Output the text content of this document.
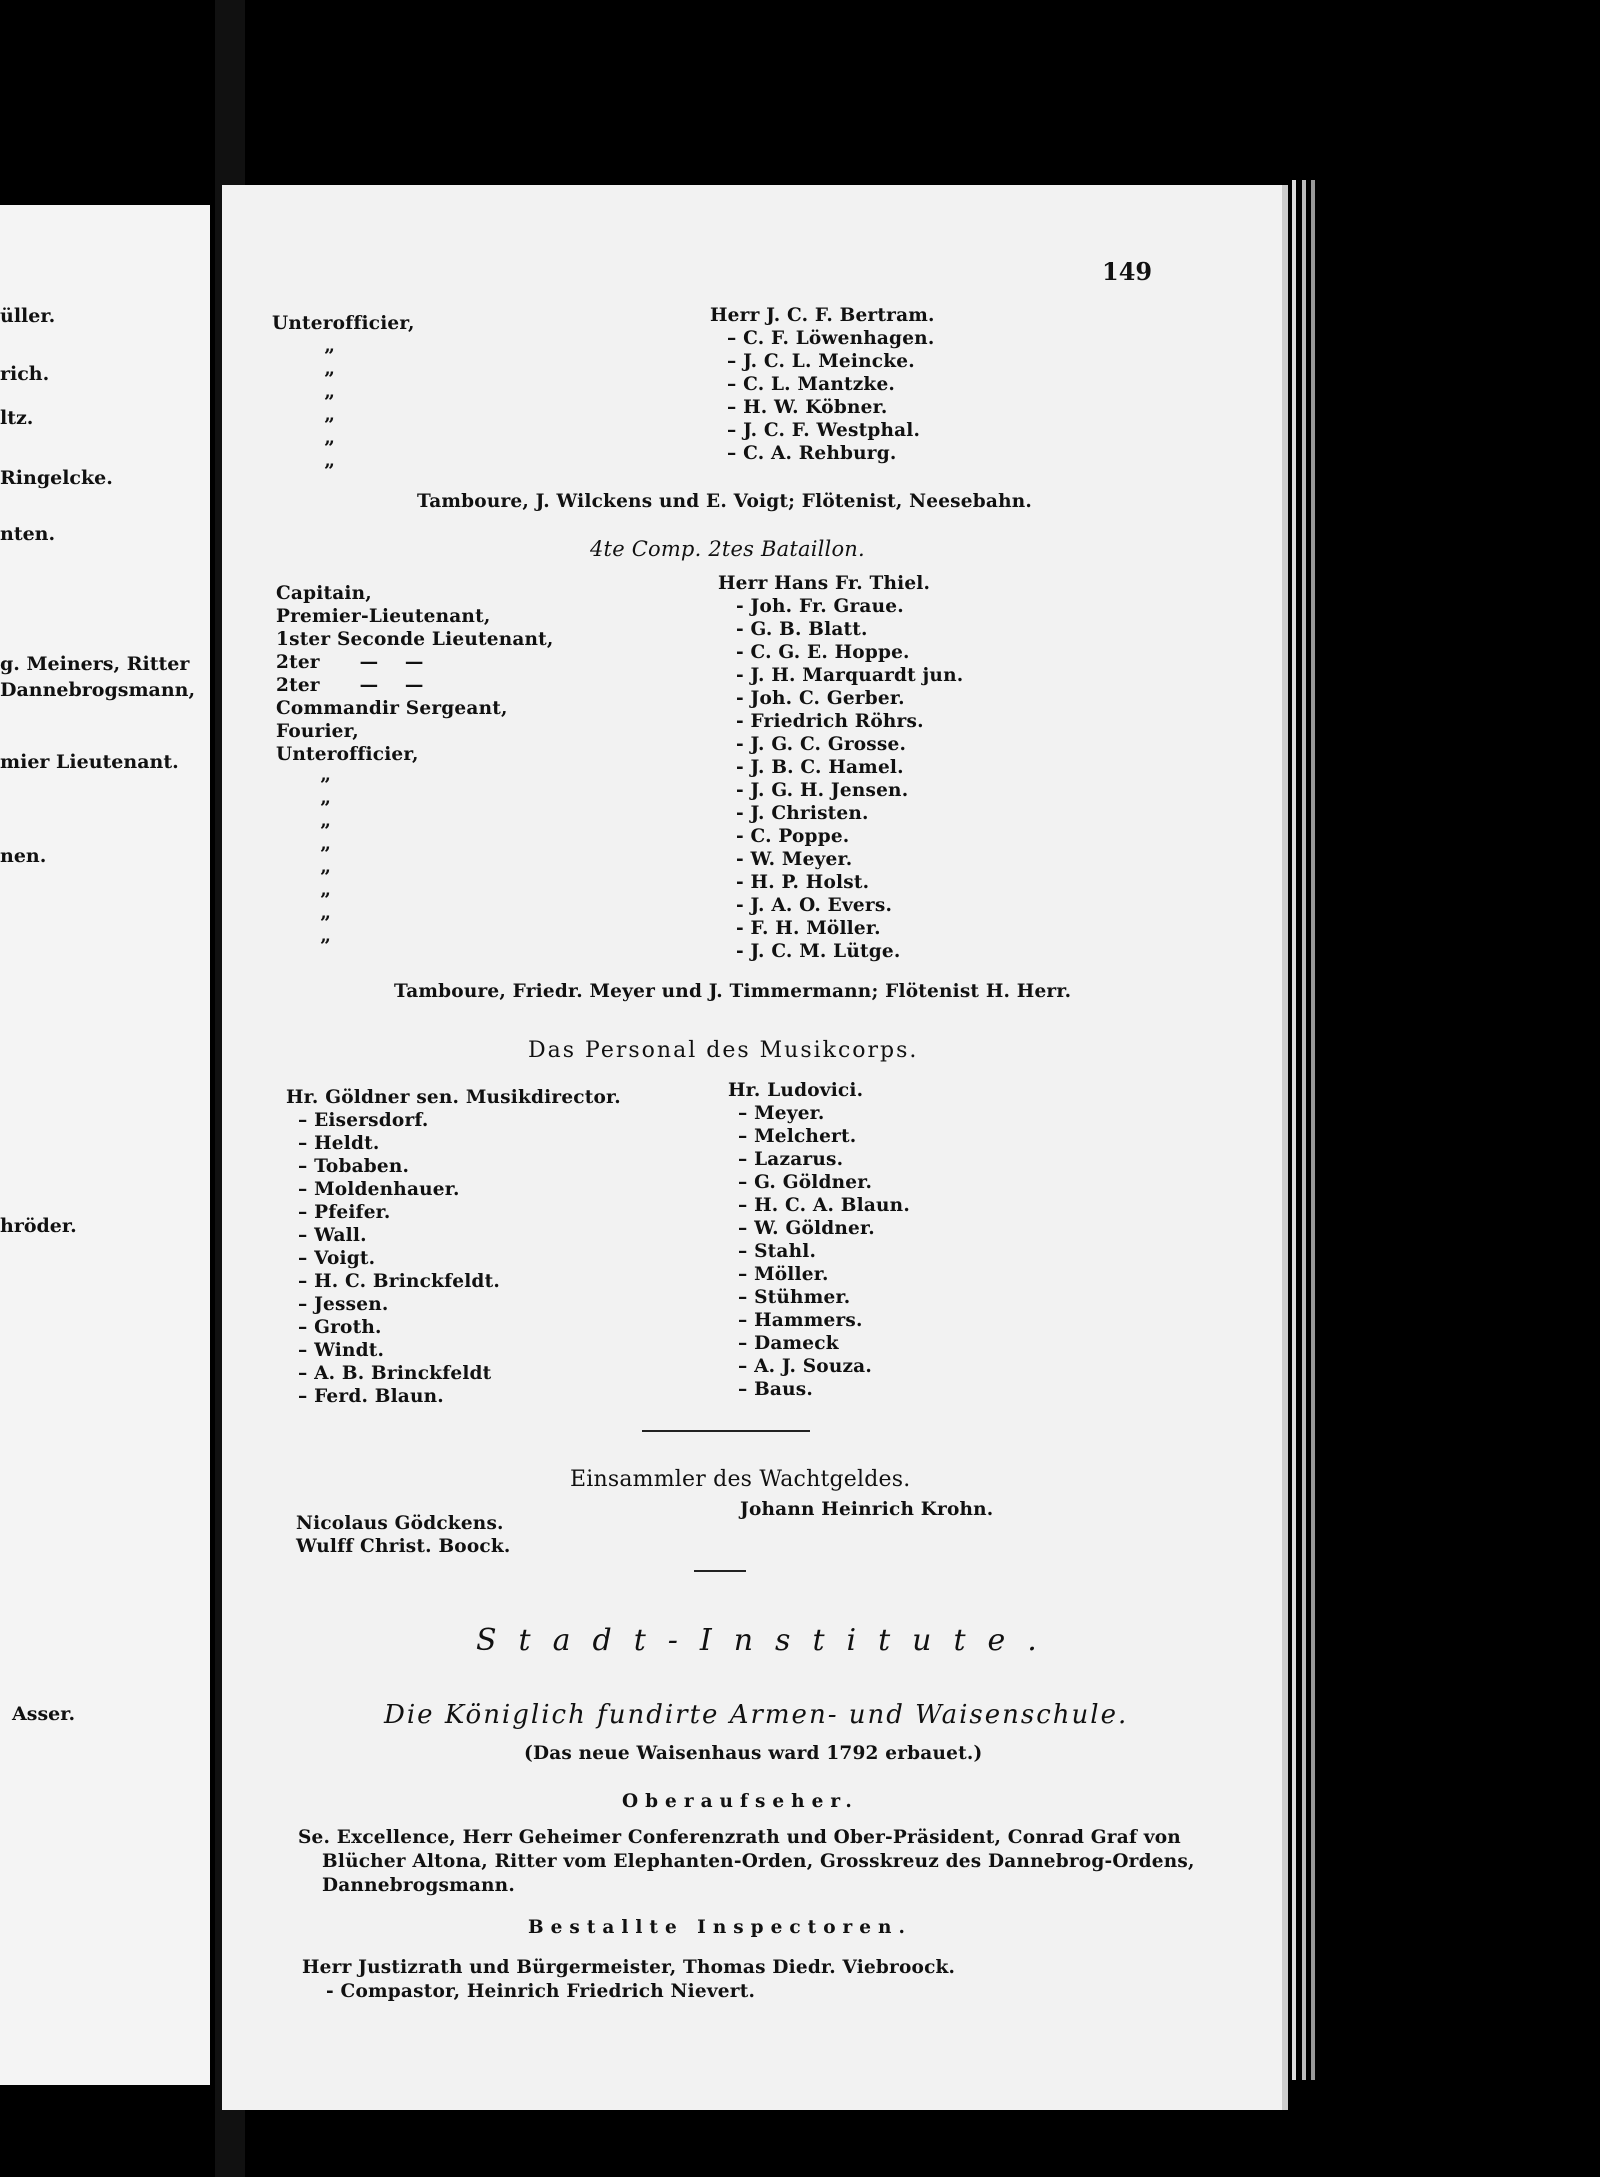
üller.
rich.
ltz.
Ringelcke.
nten.
g. Meiners, Ritter
Dannebrogsmann,
mier Lieutenant.
nen.
hröder.
Asser.
149
Unterofficier,
”
”
”
”
”
”
Herr J. C. F. Bertram.
– C. F. Löwenhagen.
– J. C. L. Meincke.
– C. L. Mantzke.
– H. W. Köbner.
– J. C. F. Westphal.
– C. A. Rehburg.
Tamboure, J. Wilckens und E. Voigt; Flötenist, Neesebahn.
4te Comp. 2tes Bataillon.
Capitain,
Premier-Lieutenant,
1ster Seconde Lieutenant,
2ter      —    —
2ter      —    —
Commandir Sergeant,
Fourier,
Unterofficier,
”
”
”
”
”
”
”
”
Herr Hans Fr. Thiel.
- Joh. Fr. Graue.
- G. B. Blatt.
- C. G. E. Hoppe.
- J. H. Marquardt jun.
- Joh. C. Gerber.
- Friedrich Röhrs.
- J. G. C. Grosse.
- J. B. C. Hamel.
- J. G. H. Jensen.
- J. Christen.
- C. Poppe.
- W. Meyer.
- H. P. Holst.
- J. A. O. Evers.
- F. H. Möller.
- J. C. M. Lütge.
Tamboure, Friedr. Meyer und J. Timmermann; Flötenist H. Herr.
Das Personal des Musikcorps.
Hr. Göldner sen. Musikdirector.
– Eisersdorf.
– Heldt.
– Tobaben.
– Moldenhauer.
– Pfeifer.
– Wall.
– Voigt.
– H. C. Brinckfeldt.
– Jessen.
– Groth.
– Windt.
– A. B. Brinckfeldt
– Ferd. Blaun.
Hr. Ludovici.
– Meyer.
– Melchert.
– Lazarus.
– G. Göldner.
– H. C. A. Blaun.
– W. Göldner.
– Stahl.
– Möller.
– Stühmer.
– Hammers.
– Dameck
– A. J. Souza.
– Baus.
Einsammler des Wachtgeldes.
Johann Heinrich Krohn.
Nicolaus Gödckens.
Wulff Christ. Boock.
Stadt-Institute.
Die Königlich fundirte Armen- und Waisenschule.
(Das neue Waisenhaus ward 1792 erbauet.)
Oberaufseher.
Se. Excellence, Herr Geheimer Conferenzrath und Ober-Präsident, Conrad Graf von
Blücher Altona, Ritter vom Elephanten-Orden, Grosskreuz des Dannebrog-Ordens,
Dannebrogsmann.
Bestallte Inspectoren.
Herr Justizrath und Bürgermeister, Thomas Diedr. Viebroock.
- Compastor, Heinrich Friedrich Nievert.
